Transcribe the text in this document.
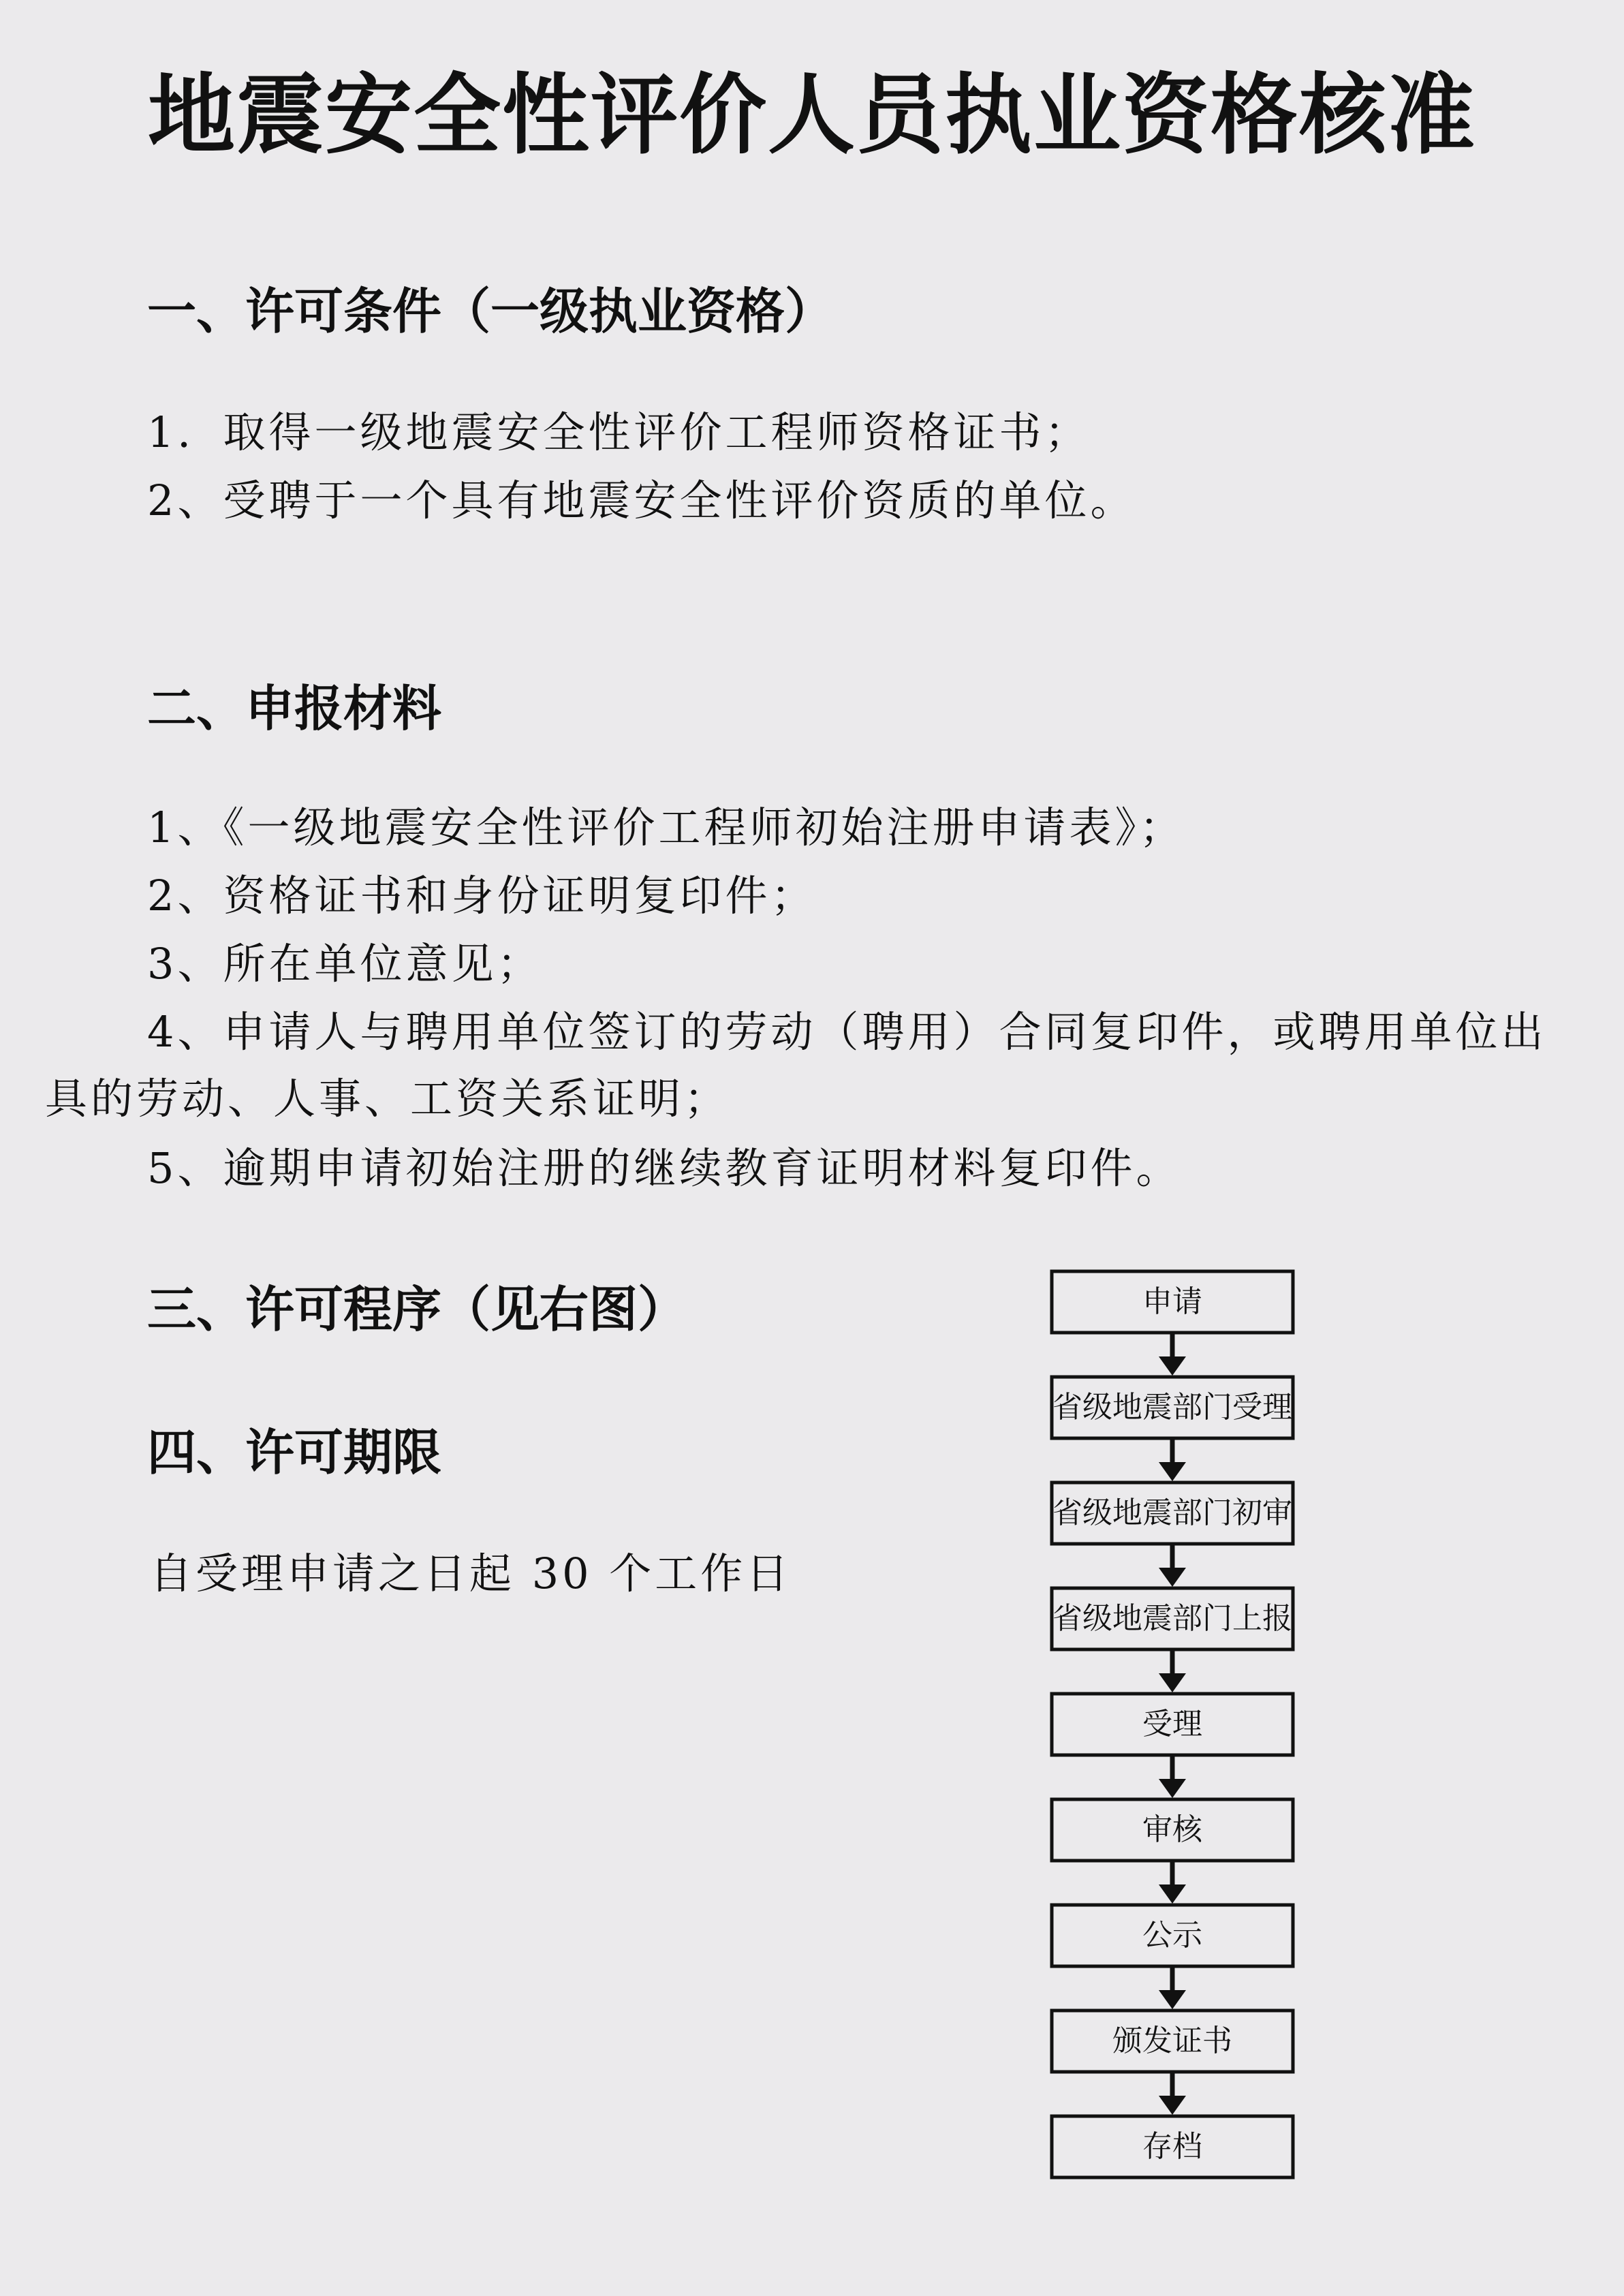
地震安全性评价人员执业资格核准
一、许可条件（一级执业资格）
1．取得一级地震安全性评价工程师资格证书；
2、受聘于一个具有地震安全性评价资质的单位。
二、申报材料
1、《一级地震安全性评价工程师初始注册申请表》；
2、资格证书和身份证明复印件；
3、所在单位意见；
4、申请人与聘用单位签订的劳动（聘用）合同复印件，或聘用单位出具的劳动、人事、工资关系证明；
5、逾期申请初始注册的继续教育证明材料复印件。
三、许可程序（见右图）
四、许可期限
自受理申请之日起 30 个工作日
申请
省级地震部门受理
省级地震部门初审
省级地震部门上报
受理
审核
公示
颁发证书
存档
